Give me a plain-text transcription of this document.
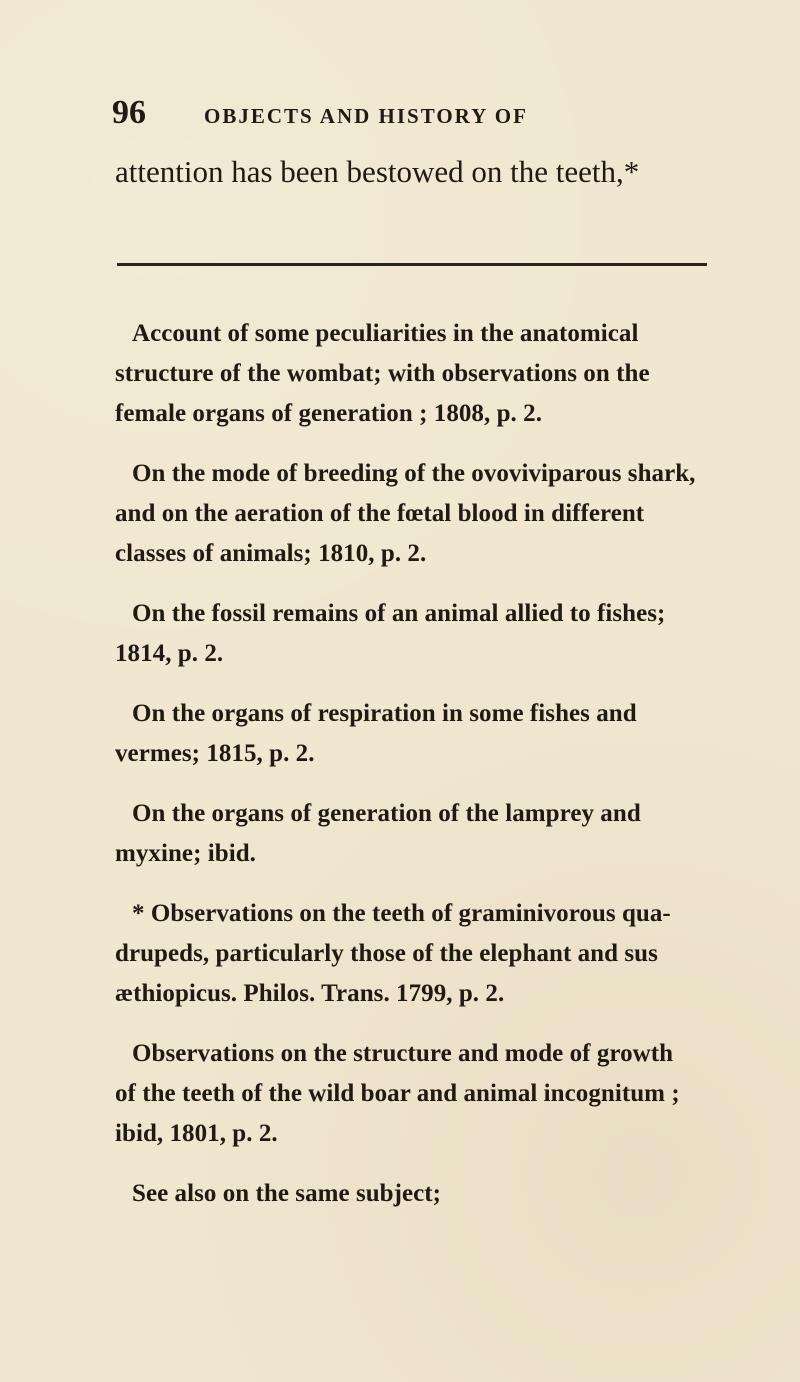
96	OBJECTS AND HISTORY OF
attention has been bestowed on the teeth,*
Account of some peculiarities in the anatomical
structure of the wombat; with observations on the
female organs of generation ; 1808, p. 2.
On the mode of breeding of the ovoviviparous shark,
and on the aeration of the fœtal blood in different
classes of animals; 1810, p. 2.
On the fossil remains of an animal allied to fishes;
1814, p. 2.
On the organs of respiration in some fishes and
vermes; 1815, p. 2.
On the organs of generation of the lamprey and
myxine; ibid.
* Observations on the teeth of graminivorous qua-
drupeds, particularly those of the elephant and sus
æthiopicus. Philos. Trans. 1799, p. 2.
Observations on the structure and mode of growth
of the teeth of the wild boar and animal incognitum ;
ibid, 1801, p. 2.
See also on the same subject;
